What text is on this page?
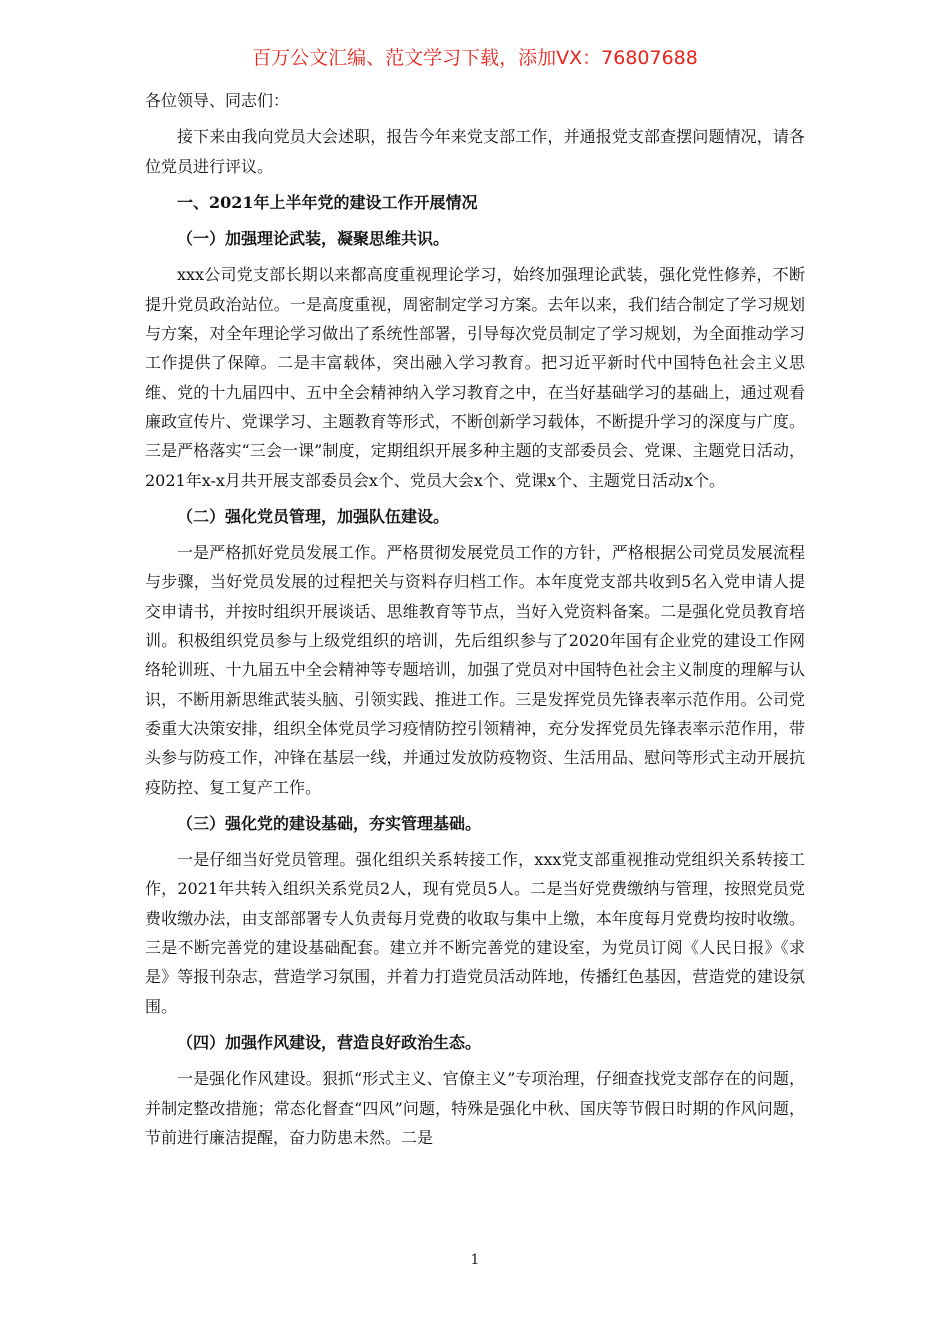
百万公文汇编、范文学习下载，添加VX：76807688

各位领导、同志们：

接下来由我向党员大会述职，报告今年来党支部工作，并通报党支部查摆问题情况，请各位党员进行评议。

一、2021年上半年党的建设工作开展情况

（一）加强理论武装，凝聚思维共识。

xxx公司党支部长期以来都高度重视理论学习，始终加强理论武装，强化党性修养，不断提升党员政治站位。一是高度重视，周密制定学习方案。去年以来，我们结合制定了学习规划与方案，对全年理论学习做出了系统性部署，引导每次党员制定了学习规划，为全面推动学习工作提供了保障。二是丰富载体，突出融入学习教育。把习近平新时代中国特色社会主义思维、党的十九届四中、五中全会精神纳入学习教育之中，在当好基础学习的基础上，通过观看廉政宣传片、党课学习、主题教育等形式，不断创新学习载体，不断提升学习的深度与广度。三是严格落实“三会一课”制度，定期组织开展多种主题的支部委员会、党课、主题党日活动，2021年x-x月共开展支部委员会x个、党员大会x个、党课x个、主题党日活动x个。

（二）强化党员管理，加强队伍建设。

一是严格抓好党员发展工作。严格贯彻发展党员工作的方针，严格根据公司党员发展流程与步骤，当好党员发展的过程把关与资料存归档工作。本年度党支部共收到5名入党申请人提交申请书，并按时组织开展谈话、思维教育等节点，当好入党资料备案。二是强化党员教育培训。积极组织党员参与上级党组织的培训，先后组织参与了2020年国有企业党的建设工作网络轮训班、十九届五中全会精神等专题培训，加强了党员对中国特色社会主义制度的理解与认识，不断用新思维武装头脑、引领实践、推进工作。三是发挥党员先锋表率示范作用。公司党委重大决策安排，组织全体党员学习疫情防控引领精神，充分发挥党员先锋表率示范作用，带头参与防疫工作，冲锋在基层一线，并通过发放防疫物资、生活用品、慰问等形式主动开展抗疫防控、复工复产工作。

（三）强化党的建设基础，夯实管理基础。

一是仔细当好党员管理。强化组织关系转接工作，xxx党支部重视推动党组织关系转接工作，2021年共转入组织关系党员2人，现有党员5人。二是当好党费缴纳与管理，按照党员党费收缴办法，由支部部署专人负责每月党费的收取与集中上缴，本年度每月党费均按时收缴。三是不断完善党的建设基础配套。建立并不断完善党的建设室，为党员订阅《人民日报》《求是》等报刊杂志，营造学习氛围，并着力打造党员活动阵地，传播红色基因，营造党的建设氛围。

（四）加强作风建设，营造良好政治生态。

一是强化作风建设。狠抓“形式主义、官僚主义”专项治理，仔细查找党支部存在的问题，并制定整改措施；常态化督查“四风”问题，特殊是强化中秋、国庆等节假日时期的作风问题，节前进行廉洁提醒，奋力防患未然。二是

1
